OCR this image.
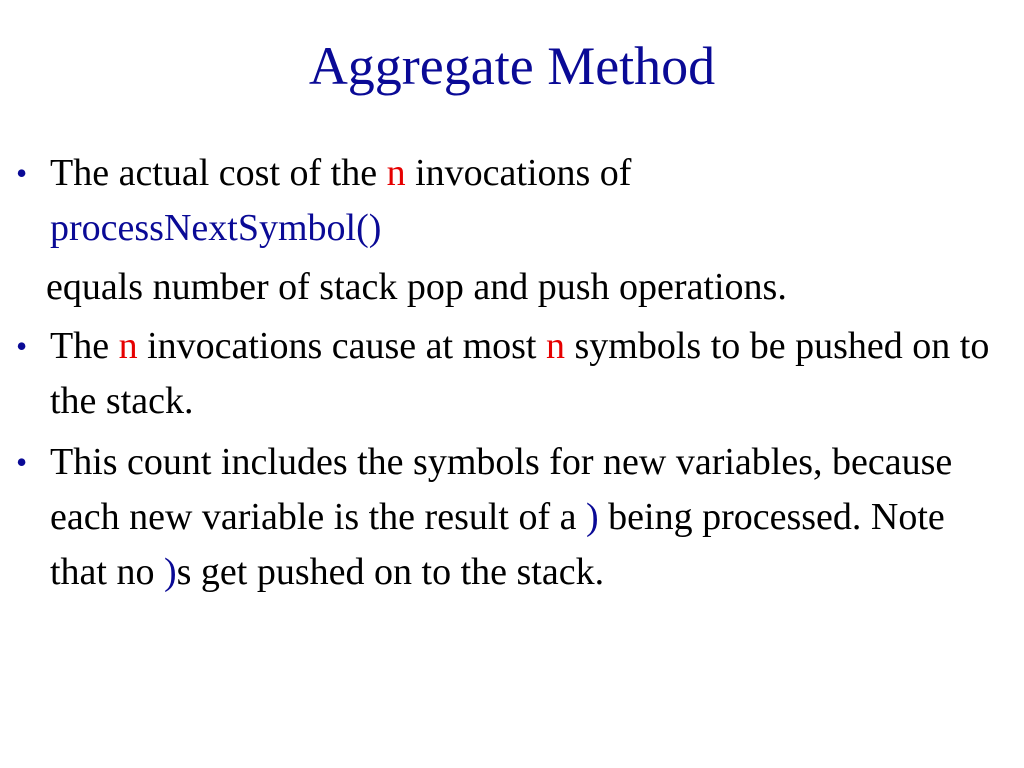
Aggregate Method
• The actual cost of the n invocations of
processNextSymbol()
equals number of stack pop and push operations.
• The n invocations cause at most n symbols to be pushed on to the stack.
• This count includes the symbols for new variables, because each new variable is the result of a ) being processed. Note that no )s get pushed on to the stack.
